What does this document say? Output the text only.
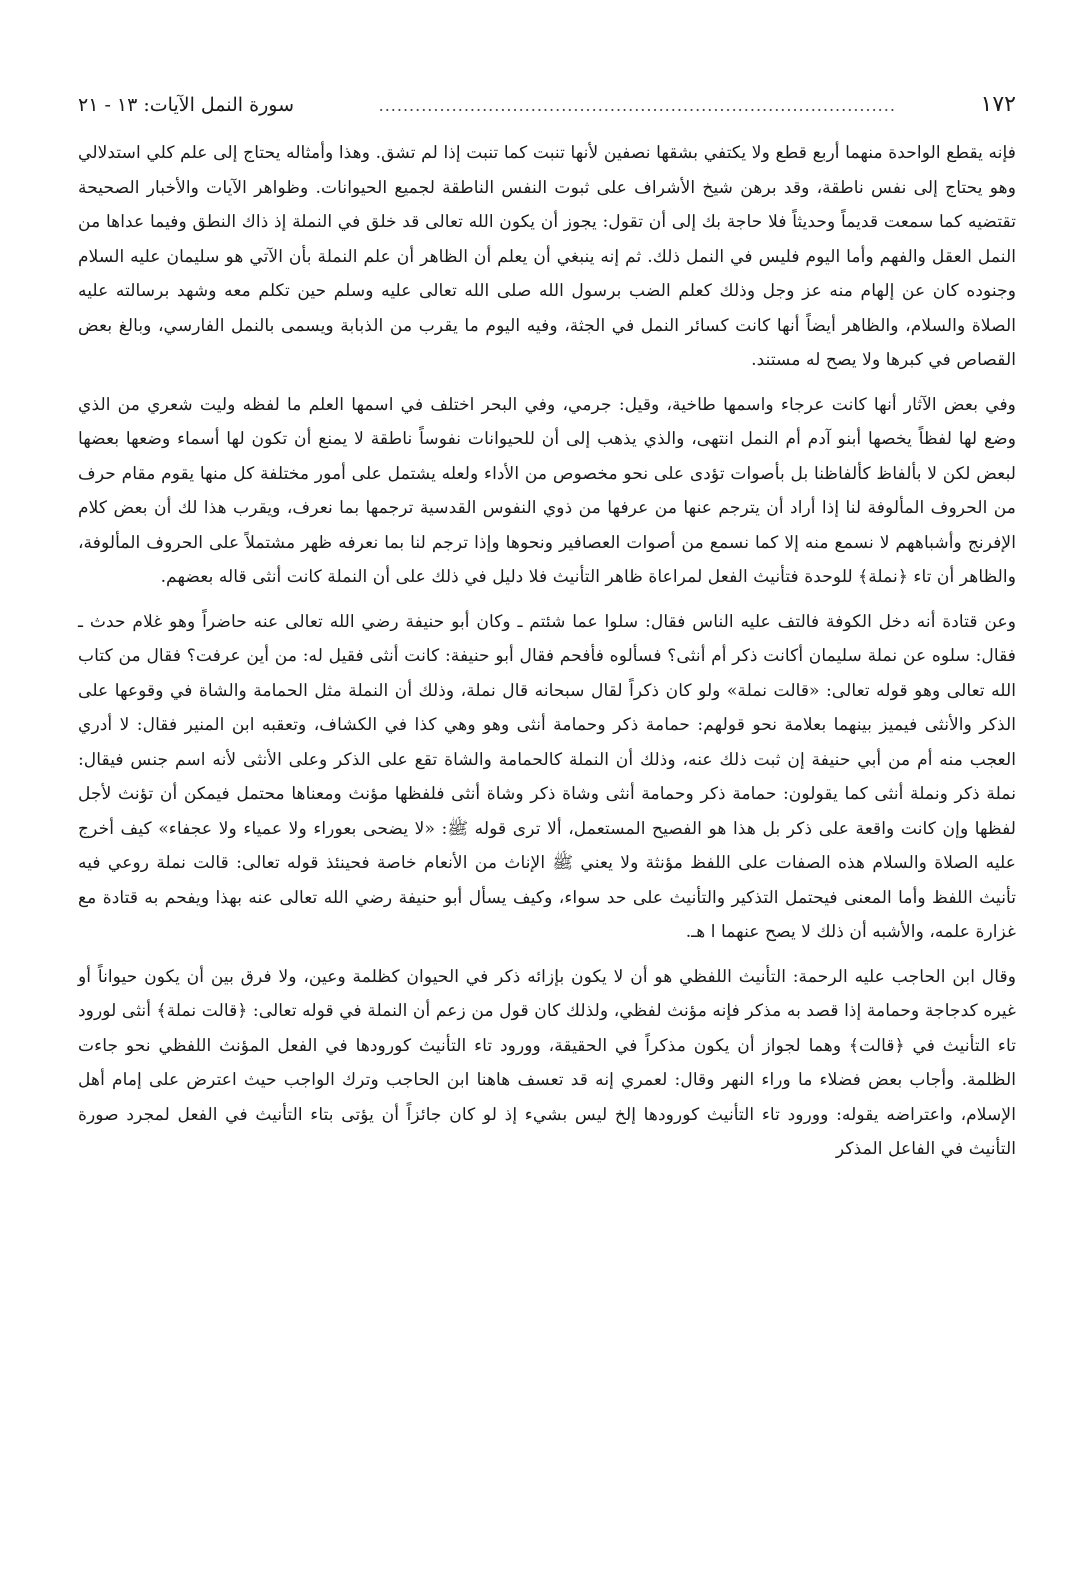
١٧٢
.....................................................................................
سورة النمل الآيات: ١٣ - ٢١

فإنه يقطع الواحدة منهما أربع قطع ولا يكتفي بشقها نصفين لأنها تنبت كما تنبت إذا لم تشق. وهذا وأمثاله يحتاج إلى علم كلي استدلالي وهو يحتاج إلى نفس ناطقة، وقد برهن شيخ الأشراف على ثبوت النفس الناطقة لجميع الحيوانات. وظواهر الآيات والأخبار الصحيحة تقتضيه كما سمعت قديماً وحديثاً فلا حاجة بك إلى أن تقول: يجوز أن يكون الله تعالى قد خلق في النملة إذ ذاك النطق وفيما عداها من النمل العقل والفهم وأما اليوم فليس في النمل ذلك. ثم إنه ينبغي أن يعلم أن الظاهر أن علم النملة بأن الآتي هو سليمان عليه السلام وجنوده كان عن إلهام منه عز وجل وذلك كعلم الضب برسول الله صلى الله تعالى عليه وسلم حين تكلم معه وشهد برسالته عليه الصلاة والسلام، والظاهر أيضاً أنها كانت كسائر النمل في الجثة، وفيه اليوم ما يقرب من الذبابة ويسمى بالنمل الفارسي، وبالغ بعض القصاص في كبرها ولا يصح له مستند.

وفي بعض الآثار أنها كانت عرجاء واسمها طاخية، وقيل: جرمي، وفي البحر اختلف في اسمها العلم ما لفظه وليت شعري من الذي وضع لها لفظاً يخصها أبنو آدم أم النمل انتهى، والذي يذهب إلى أن للحيوانات نفوساً ناطقة لا يمنع أن تكون لها أسماء وضعها بعضها لبعض لكن لا بألفاظ كألفاظنا بل بأصوات تؤدى على نحو مخصوص من الأداء ولعله يشتمل على أمور مختلفة كل منها يقوم مقام حرف من الحروف المألوفة لنا إذا أراد أن يترجم عنها من عرفها من ذوي النفوس القدسية ترجمها بما نعرف، ويقرب هذا لك أن بعض كلام الإفرنج وأشباههم لا نسمع منه إلا كما نسمع من أصوات العصافير ونحوها وإذا ترجم لنا بما نعرفه ظهر مشتملاً على الحروف المألوفة، والظاهر أن تاء ﴿نملة﴾ للوحدة فتأنيث الفعل لمراعاة ظاهر التأنيث فلا دليل في ذلك على أن النملة كانت أنثى قاله بعضهم.

وعن قتادة أنه دخل الكوفة فالتف عليه الناس فقال: سلوا عما شئتم ـ وكان أبو حنيفة رضي الله تعالى عنه حاضراً وهو غلام حدث ـ فقال: سلوه عن نملة سليمان أكانت ذكر أم أنثى؟ فسألوه فأفحم فقال أبو حنيفة: كانت أنثى فقيل له: من أين عرفت؟ فقال من كتاب الله تعالى وهو قوله تعالى: «قالت نملة» ولو كان ذكراً لقال سبحانه قال نملة، وذلك أن النملة مثل الحمامة والشاة في وقوعها على الذكر والأنثى فيميز بينهما بعلامة نحو قولهم: حمامة ذكر وحمامة أنثى وهو وهي كذا في الكشاف، وتعقبه ابن المنير فقال: لا أدري العجب منه أم من أبي حنيفة إن ثبت ذلك عنه، وذلك أن النملة كالحمامة والشاة تقع على الذكر وعلى الأنثى لأنه اسم جنس فيقال: نملة ذكر ونملة أنثى كما يقولون: حمامة ذكر وحمامة أنثى وشاة ذكر وشاة أنثى فلفظها مؤنث ومعناها محتمل فيمكن أن تؤنث لأجل لفظها وإن كانت واقعة على ذكر بل هذا هو الفصيح المستعمل، ألا ترى قوله ﷺ: «لا يضحى بعوراء ولا عمياء ولا عجفاء» كيف أخرج عليه الصلاة والسلام هذه الصفات على اللفظ مؤنثة ولا يعني ﷺ الإناث من الأنعام خاصة فحينئذ قوله تعالى: قالت نملة روعي فيه تأنيث اللفظ وأما المعنى فيحتمل التذكير والتأنيث على حد سواء، وكيف يسأل أبو حنيفة رضي الله تعالى عنه بهذا ويفحم به قتادة مع غزارة علمه، والأشبه أن ذلك لا يصح عنهما ا هـ.

وقال ابن الحاجب عليه الرحمة: التأنيث اللفظي هو أن لا يكون بإزائه ذكر في الحيوان كظلمة وعين، ولا فرق بين أن يكون حيواناً أو غيره كدجاجة وحمامة إذا قصد به مذكر فإنه مؤنث لفظي، ولذلك كان قول من زعم أن النملة في قوله تعالى: ﴿قالت نملة﴾ أنثى لورود تاء التأنيث في ﴿قالت﴾ وهما لجواز أن يكون مذكراً في الحقيقة، وورود تاء التأنيث كورودها في الفعل المؤنث اللفظي نحو جاءت الظلمة. وأجاب بعض فضلاء ما وراء النهر وقال: لعمري إنه قد تعسف هاهنا ابن الحاجب وترك الواجب حيث اعترض على إمام أهل الإسلام، واعتراضه يقوله: وورود تاء التأنيث كورودها إلخ ليس بشيء إذ لو كان جائزاً أن يؤتى بتاء التأنيث في الفعل لمجرد صورة التأنيث في الفاعل المذكر
